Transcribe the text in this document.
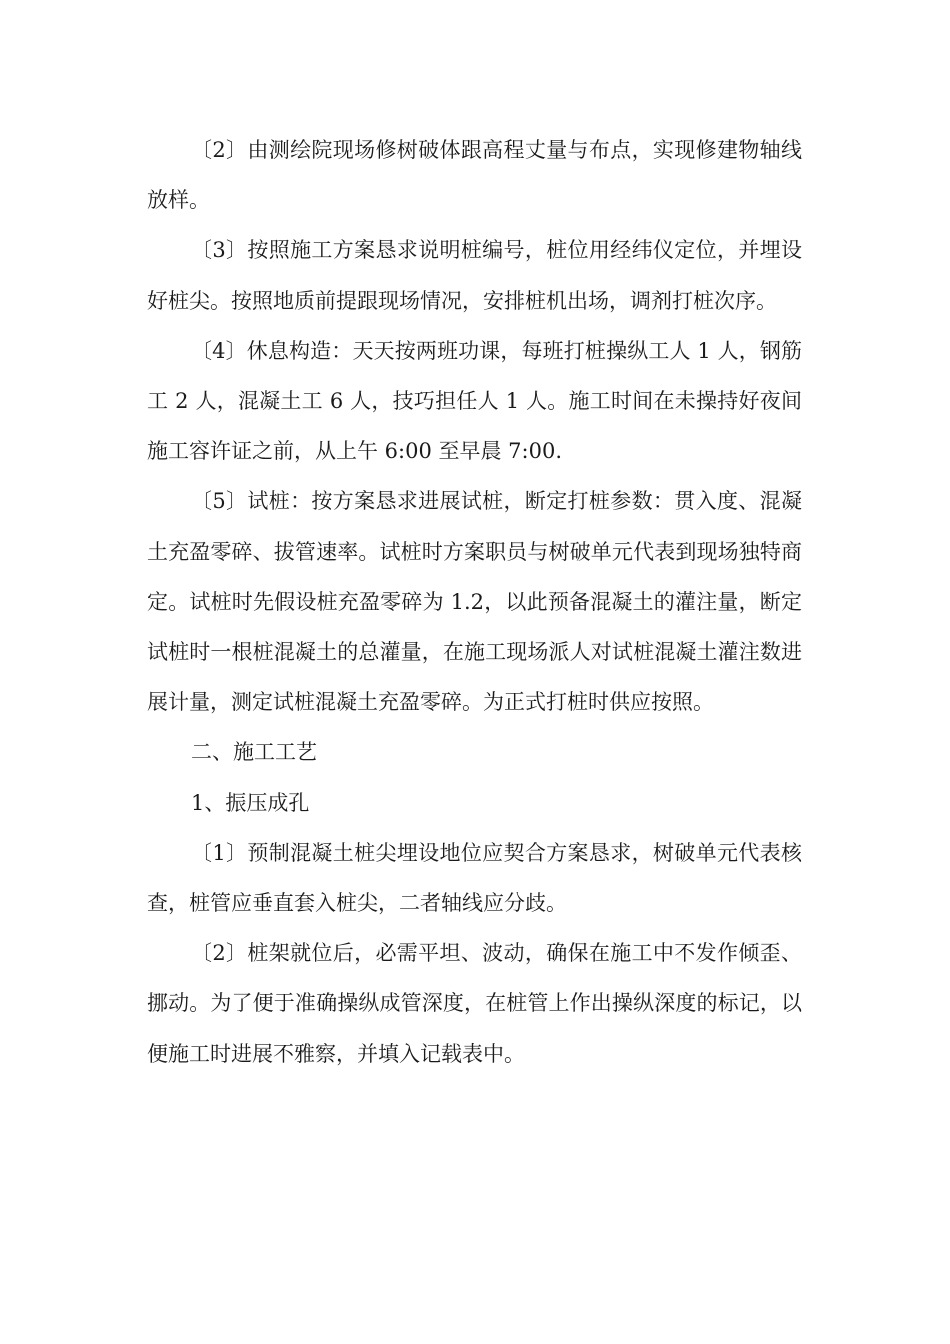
〔2〕由测绘院现场修树破体跟高程丈量与布点，实现修建物轴线放样。

〔3〕按照施工方案恳求说明桩编号，桩位用经纬仪定位，并埋设好桩尖。按照地质前提跟现场情况，安排桩机出场，调剂打桩次序。

〔4〕休息构造：天天按两班功课，每班打桩操纵工人 1 人，钢筋工 2 人，混凝土工 6 人，技巧担任人 1 人。施工时间在未操持好夜间施工容许证之前，从上午 6:00 至早晨 7:00.

〔5〕试桩：按方案恳求进展试桩，断定打桩参数：贯入度、混凝土充盈零碎、拔管速率。试桩时方案职员与树破单元代表到现场独特商定。试桩时先假设桩充盈零碎为 1.2，以此预备混凝土的灌注量，断定试桩时一根桩混凝土的总灌量，在施工现场派人对试桩混凝土灌注数进展计量，测定试桩混凝土充盈零碎。为正式打桩时供应按照。

二、施工工艺

1、振压成孔

〔1〕预制混凝土桩尖埋设地位应契合方案恳求，树破单元代表核查，桩管应垂直套入桩尖，二者轴线应分歧。

〔2〕桩架就位后，必需平坦、波动，确保在施工中不发作倾歪、挪动。为了便于准确操纵成管深度，在桩管上作出操纵深度的标记，以便施工时进展不雅察，并填入记载表中。
